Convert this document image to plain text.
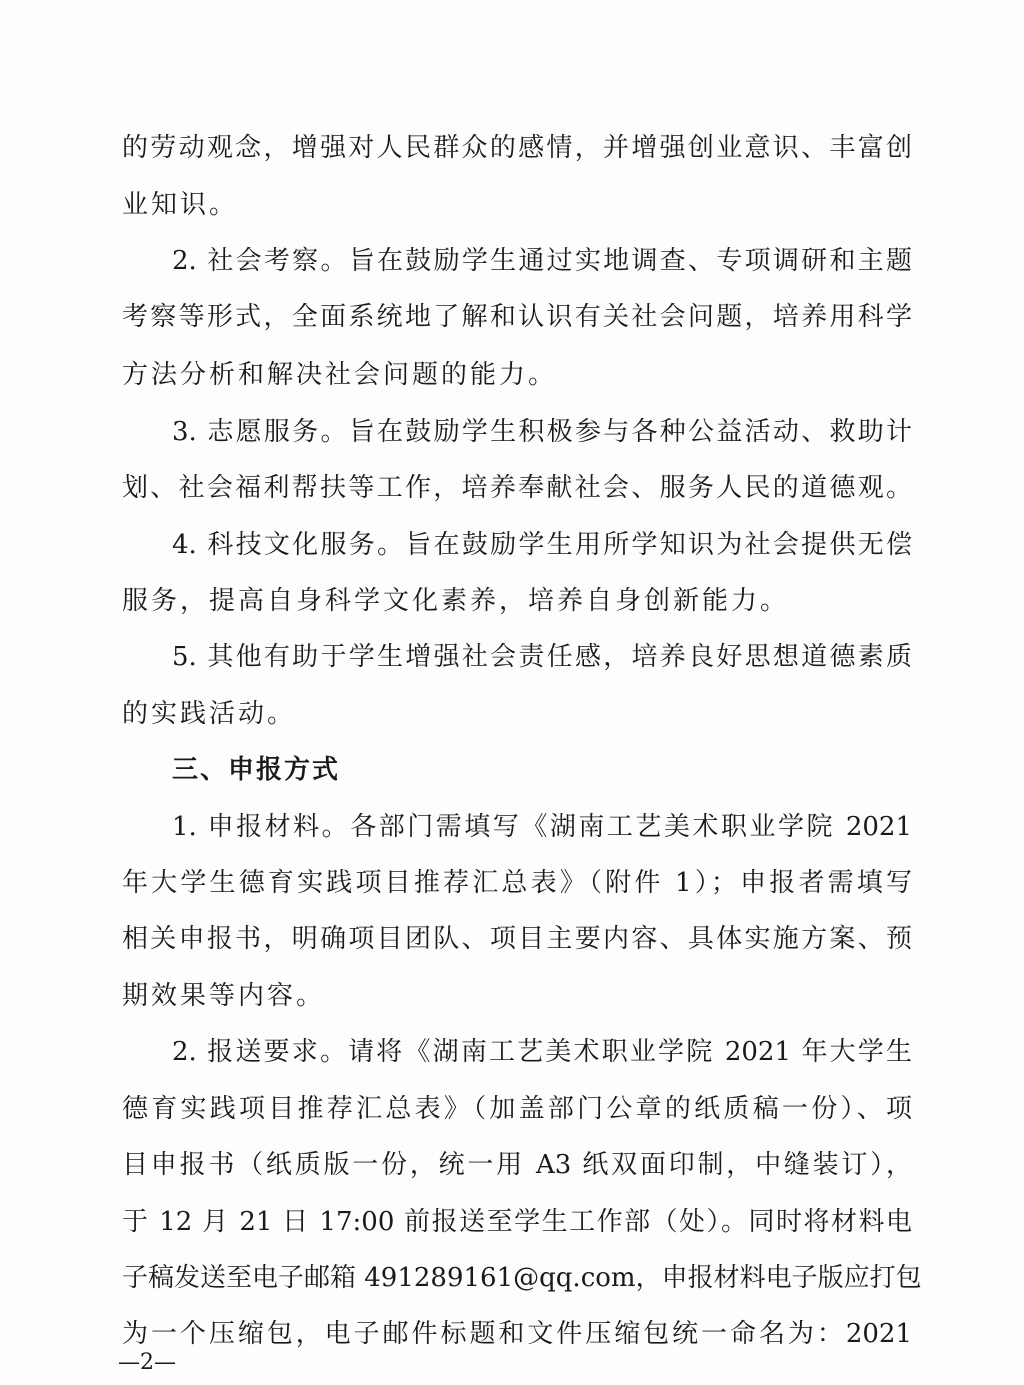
的劳动观念，增强对人民群众的感情，并增强创业意识、丰富创
业知识。
2. 社会考察。旨在鼓励学生通过实地调查、专项调研和主题
考察等形式，全面系统地了解和认识有关社会问题，培养用科学
方法分析和解决社会问题的能力。
3. 志愿服务。旨在鼓励学生积极参与各种公益活动、救助计
划、社会福利帮扶等工作，培养奉献社会、服务人民的道德观。
4. 科技文化服务。旨在鼓励学生用所学知识为社会提供无偿
服务，提高自身科学文化素养，培养自身创新能力。
5. 其他有助于学生增强社会责任感，培养良好思想道德素质
的实践活动。
三、申报方式
1. 申报材料。各部门需填写《湖南工艺美术职业学院 2021
年大学生德育实践项目推荐汇总表》（附件 1）；申报者需填写
相关申报书，明确项目团队、项目主要内容、具体实施方案、预
期效果等内容。
2. 报送要求。请将《湖南工艺美术职业学院 2021 年大学生
德育实践项目推荐汇总表》（加盖部门公章的纸质稿一份）、项
目申报书（纸质版一份，统一用 A3 纸双面印制，中缝装订），
于 12 月 21 日 17:00 前报送至学生工作部（处）。同时将材料电
子稿发送至电子邮箱 491289161@qq.com，申报材料电子版应打包
为一个压缩包，电子邮件标题和文件压缩包统一命名为：2021
—2—
